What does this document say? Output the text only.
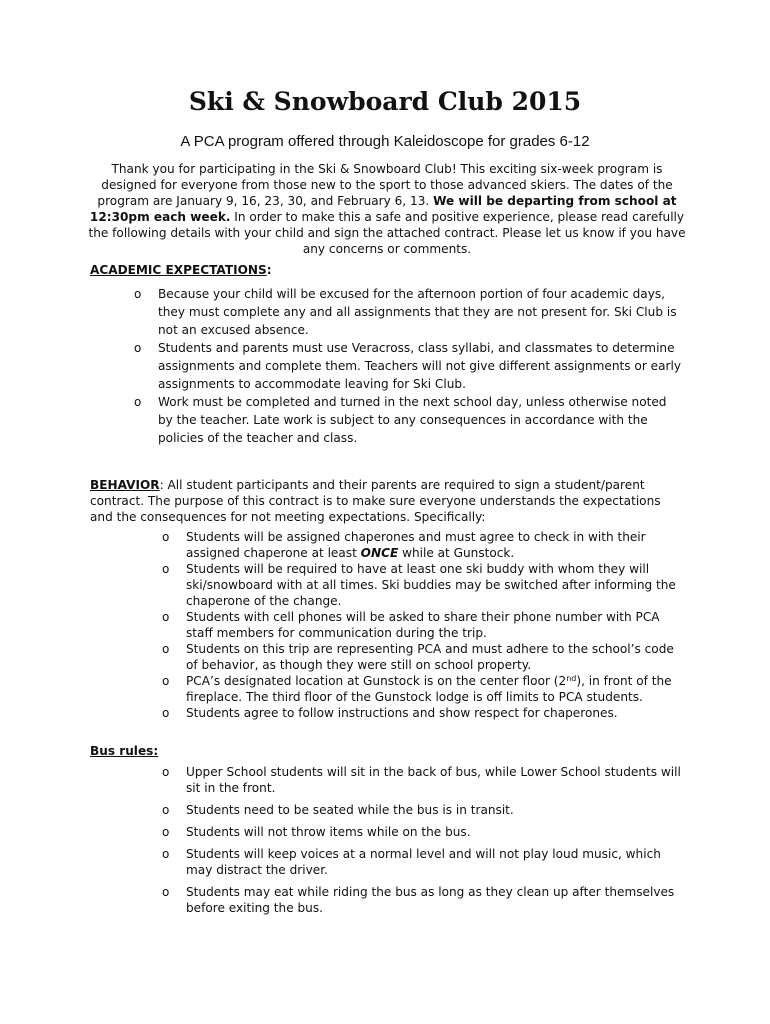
Ski & Snowboard Club 2015

A PCA program offered through Kaleidoscope for grades 6-12

Thank you for participating in the Ski & Snowboard Club! This exciting six-week program is designed for everyone from those new to the sport to those advanced skiers. The dates of the program are January 9, 16, 23, 30, and February 6, 13. We will be departing from school at 12:30pm each week. In order to make this a safe and positive experience, please read carefully the following details with your child and sign the attached contract. Please let us know if you have any concerns or comments.

ACADEMIC EXPECTATIONS:

o Because your child will be excused for the afternoon portion of four academic days, they must complete any and all assignments that they are not present for. Ski Club is not an excused absence.
o Students and parents must use Veracross, class syllabi, and classmates to determine assignments and complete them. Teachers will not give different assignments or early assignments to accommodate leaving for Ski Club.
o Work must be completed and turned in the next school day, unless otherwise noted by the teacher. Late work is subject to any consequences in accordance with the policies of the teacher and class.

BEHAVIOR: All student participants and their parents are required to sign a student/parent contract. The purpose of this contract is to make sure everyone understands the expectations and the consequences for not meeting expectations. Specifically:

o Students will be assigned chaperones and must agree to check in with their assigned chaperone at least ONCE while at Gunstock.
o Students will be required to have at least one ski buddy with whom they will ski/snowboard with at all times. Ski buddies may be switched after informing the chaperone of the change.
o Students with cell phones will be asked to share their phone number with PCA staff members for communication during the trip.
o Students on this trip are representing PCA and must adhere to the school’s code of behavior, as though they were still on school property.
o PCA’s designated location at Gunstock is on the center floor (2nd), in front of the fireplace. The third floor of the Gunstock lodge is off limits to PCA students.
o Students agree to follow instructions and show respect for chaperones.

Bus rules:

o Upper School students will sit in the back of bus, while Lower School students will sit in the front.
o Students need to be seated while the bus is in transit.
o Students will not throw items while on the bus.
o Students will keep voices at a normal level and will not play loud music, which may distract the driver.
o Students may eat while riding the bus as long as they clean up after themselves before exiting the bus.
